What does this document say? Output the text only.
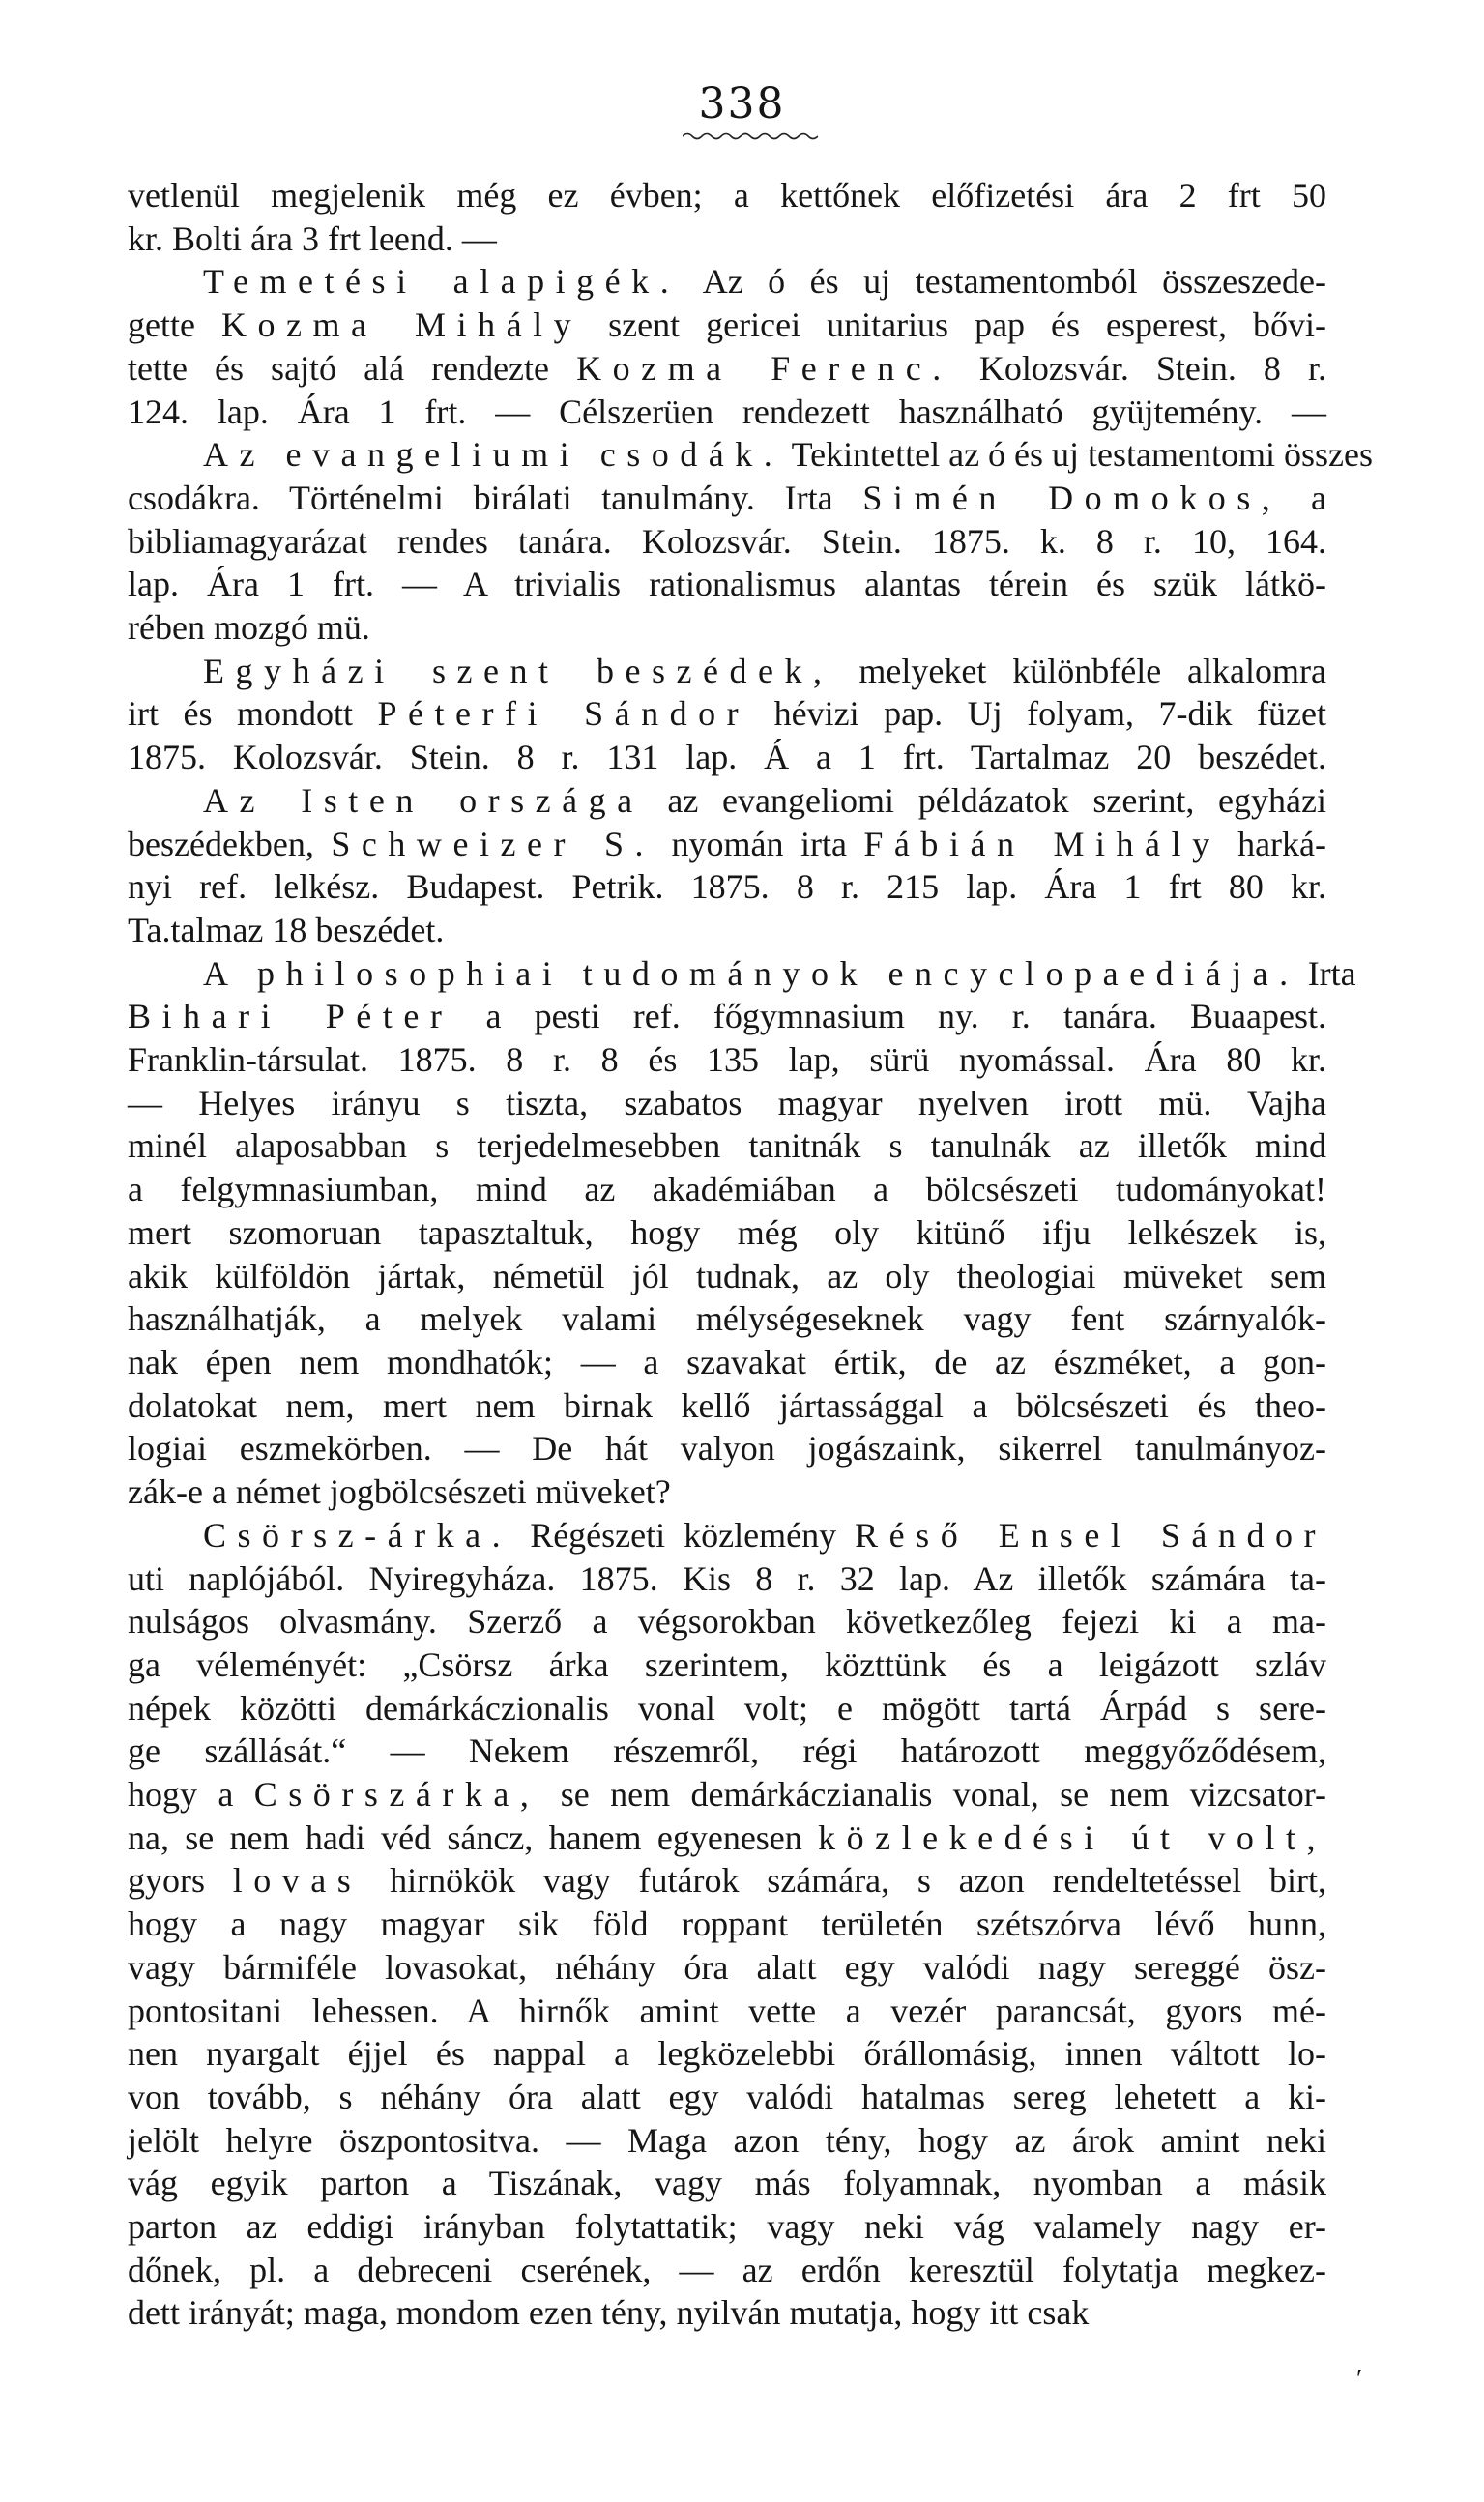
338
vetlenül megjelenik még ez évben; a kettőnek előfizetési ára 2 frt 50
kr. Bolti ára 3 frt leend. —
Temetési alapigék. Az ó és uj testamentomból összeszede-
gette Kozma Mihály szent gericei unitarius pap és esperest, bővi-
tette és sajtó alá rendezte Kozma Ferenc. Kolozsvár. Stein. 8 r.
124. lap. Ára 1 frt. — Célszerüen rendezett használható gyüjtemény. —
Az evangeliumi csodák. Tekintettel az ó és uj testamentomi összes
csodákra. Történelmi birálati tanulmány. Irta Simén Domokos, a
bibliamagyarázat rendes tanára. Kolozsvár. Stein. 1875. k. 8 r. 10, 164.
lap. Ára 1 frt. — A trivialis rationalismus alantas térein és szük látkö-
rében mozgó mü.
Egyházi szent beszédek, melyeket különbféle alkalomra
irt és mondott Péterfi Sándor hévizi pap. Uj folyam, 7-dik füzet
1875. Kolozsvár. Stein. 8 r. 131 lap. Á a 1 frt. Tartalmaz 20 beszédet.
Az Isten országa az evangeliomi példázatok szerint, egyházi
beszédekben, Schweizer S. nyomán irta Fábián Mihály harká-
nyi ref. lelkész. Budapest. Petrik. 1875. 8 r. 215 lap. Ára 1 frt 80 kr.
Ta.talmaz 18 beszédet.
A philosophiai tudományok encyclopaediája. Irta
Bihari Péter a pesti ref. főgymnasium ny. r. tanára. Buaapest.
Franklin-társulat. 1875. 8 r. 8 és 135 lap, sürü nyomással. Ára 80 kr.
— Helyes irányu s tiszta, szabatos magyar nyelven irott mü. Vajha
minél alaposabban s terjedelmesebben tanitnák s tanulnák az illetők mind
a felgymnasiumban, mind az akadémiában a bölcsészeti tudományokat!
mert szomoruan tapasztaltuk, hogy még oly kitünő ifju lelkészek is,
akik külföldön jártak, németül jól tudnak, az oly theologiai müveket sem
használhatják, a melyek valami mélységeseknek vagy fent szárnyalók-
nak épen nem mondhatók; — a szavakat értik, de az észméket, a gon-
dolatokat nem, mert nem birnak kellő jártassággal a bölcsészeti és theo-
logiai eszmekörben. — De hát valyon jogászaink, sikerrel tanulmányoz-
zák-e a német jogbölcsészeti müveket?
Csörsz-árka. Régészeti közlemény Réső Ensel Sándor
uti naplójából. Nyiregyháza. 1875. Kis 8 r. 32 lap. Az illetők számára ta-
nulságos olvasmány. Szerző a végsorokban következőleg fejezi ki a ma-
ga véleményét: „Csörsz árka szerintem, közttünk és a leigázott szláv
népek közötti demárkáczionalis vonal volt; e mögött tartá Árpád s sere-
ge szállását.“ — Nekem részemről, régi határozott meggyőződésem,
hogy a Csörszárka, se nem demárkáczianalis vonal, se nem vizcsator-
na, se nem hadi véd sáncz, hanem egyenesen közlekedési út volt,
gyors lovas hirnökök vagy futárok számára, s azon rendeltetéssel birt,
hogy a nagy magyar sik föld roppant területén szétszórva lévő hunn,
vagy bármiféle lovasokat, néhány óra alatt egy valódi nagy sereggé ösz-
pontositani lehessen. A hirnők amint vette a vezér parancsát, gyors mé-
nen nyargalt éjjel és nappal a legközelebbi őrállomásig, innen váltott lo-
von tovább, s néhány óra alatt egy valódi hatalmas sereg lehetett a ki-
jelölt helyre öszpontositva. — Maga azon tény, hogy az árok amint neki
vág egyik parton a Tiszának, vagy más folyamnak, nyomban a másik
parton az eddigi irányban folytattatik; vagy neki vág valamely nagy er-
dőnek, pl. a debreceni cserének, — az erdőn keresztül folytatja megkez-
dett irányát; maga, mondom ezen tény, nyilván mutatja, hogy itt csak
′
